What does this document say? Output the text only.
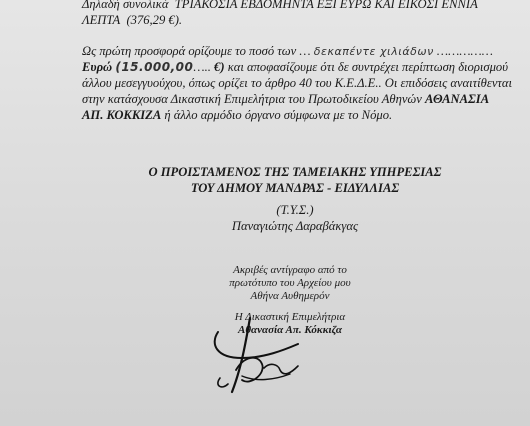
Δηλαδή συνολικά ΤΡΙΑΚΟΣΙΑ ΕΒΔΟΜΗΝΤΑ ΕΞΙ ΕΥΡΩ ΚΑΙ ΕΙΚΟΣΙ ΕΝΝΙΑ
ΛΕΠΤΑ (376,29 €).
Ως πρώτη προσφορά ορίζουμε το ποσό των … δεκαπέντε χιλιάδων ……………
Ευρώ (15.000,00….. €) και αποφασίζουμε ότι δε συντρέχει περίπτωση διορισμού
άλλου μεσεγγυούχου, όπως ορίζει το άρθρο 40 του Κ.Ε.Δ.Ε.. Οι επιδόσεις αναιτίθενται
στην κατάσχουσα Δικαστική Επιμελήτρια του Πρωτοδικείου Αθηνών ΑΘΑΝΑΣΙΑ
ΑΠ. ΚΟΚΚΙΖΑ ή άλλο αρμόδιο όργανο σύμφωνα με το Νόμο.
Ο ΠΡΟΙΣΤΑΜΕΝΟΣ ΤΗΣ ΤΑΜΕΙΑΚΗΣ ΥΠΗΡΕΣΙΑΣ
ΤΟΥ ΔΗΜΟΥ ΜΑΝΔΡΑΣ - ΕΙΔΥΛΛΙΑΣ
(Τ.Υ.Σ.)
Παναγιώτης Δαραβάκγας
Ακριβές αντίγραφο από το
πρωτότυπο του Αρχείου μου
Αθήνα Αυθημερόν
Η Δικαστική Επιμελήτρια
Αθανασία Απ. Κόκκιζα
